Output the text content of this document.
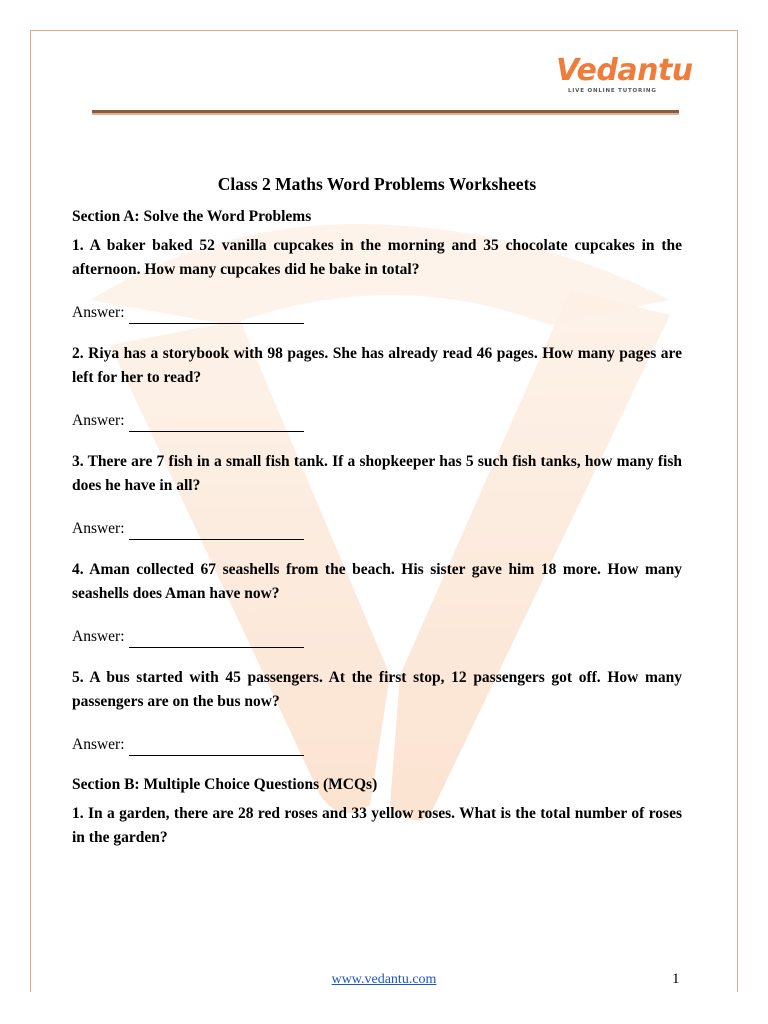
Vedantu
LIVE ONLINE TUTORING
Class 2 Maths Word Problems Worksheets
Section A: Solve the Word Problems
1. A baker baked 52 vanilla cupcakes in the morning and 35 chocolate cupcakes in the afternoon. How many cupcakes did he bake in total?
Answer:
2. Riya has a storybook with 98 pages. She has already read 46 pages. How many pages are left for her to read?
Answer:
3. There are 7 fish in a small fish tank. If a shopkeeper has 5 such fish tanks, how many fish does he have in all?
Answer:
4. Aman collected 67 seashells from the beach. His sister gave him 18 more. How many seashells does Aman have now?
Answer:
5. A bus started with 45 passengers. At the first stop, 12 passengers got off. How many passengers are on the bus now?
Answer:
Section B: Multiple Choice Questions (MCQs)
1. In a garden, there are 28 red roses and 33 yellow roses. What is the total number of roses in the garden?
www.vedantu.com	1
